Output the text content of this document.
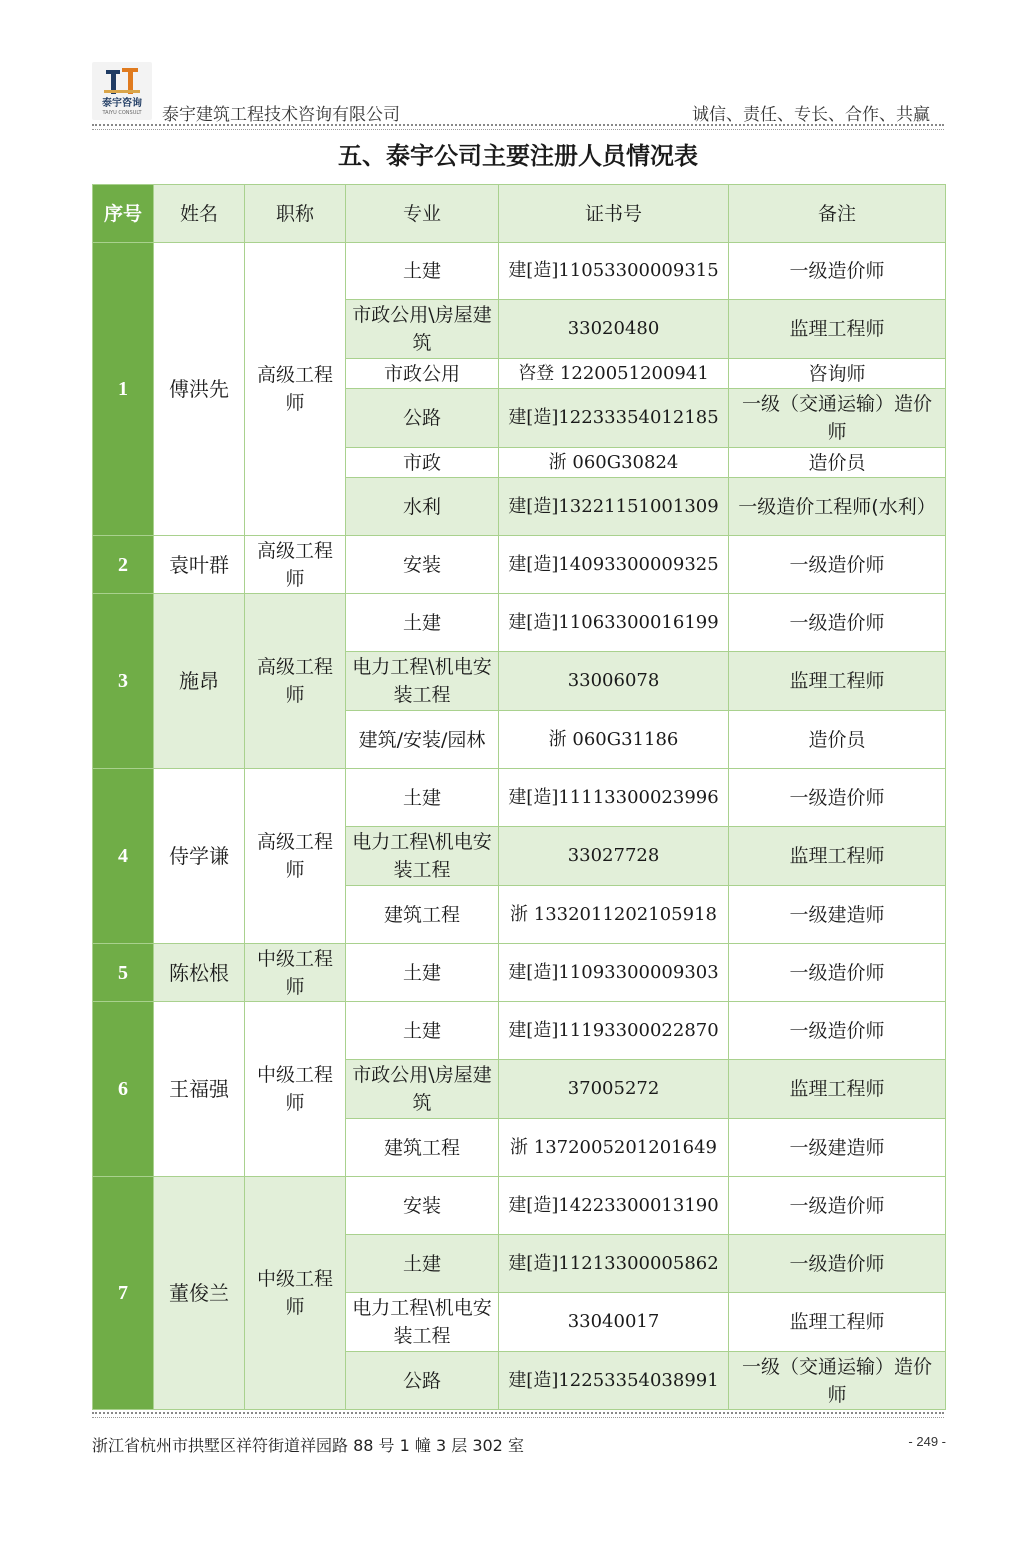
泰宇咨询
TAIYU CONSULT	泰宇建筑工程技术咨询有限公司	诚信、责任、专长、合作、共赢
五、泰宇公司主要注册人员情况表
序号	姓名	职称	专业	证书号	备注
1	傅洪先	高级工程师	土建	建[造]11053300009315	一级造价师
			市政公用\房屋建筑	33020480	监理工程师
			市政公用	咨登 1220051200941	咨询师
			公路	建[造]12233354012185	一级（交通运输）造价师
			市政	浙 060G30824	造价员
			水利	建[造]13221151001309	一级造价工程师(水利）
2	袁叶群	高级工程师	安装	建[造]14093300009325	一级造价师
3	施昂	高级工程师	土建	建[造]11063300016199	一级造价师
			电力工程\机电安装工程	33006078	监理工程师
			建筑/安装/园林	浙 060G31186	造价员
4	侍学谦	高级工程师	土建	建[造]11113300023996	一级造价师
			电力工程\机电安装工程	33027728	监理工程师
			建筑工程	浙 1332011202105918	一级建造师
5	陈松根	中级工程师	土建	建[造]11093300009303	一级造价师
6	王福强	中级工程师	土建	建[造]11193300022870	一级造价师
			市政公用\房屋建筑	37005272	监理工程师
			建筑工程	浙 1372005201201649	一级建造师
7	董俊兰	中级工程师	安装	建[造]14223300013190	一级造价师
			土建	建[造]11213300005862	一级造价师
			电力工程\机电安装工程	33040017	监理工程师
			公路	建[造]12253354038991	一级（交通运输）造价师
浙江省杭州市拱墅区祥符街道祥园路 88 号 1 幢 3 层 302 室	- 249 -
